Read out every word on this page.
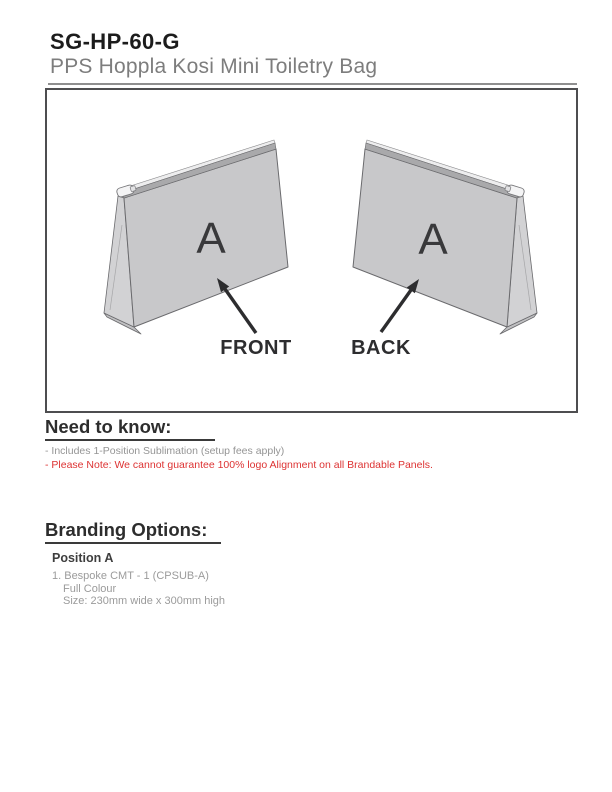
SG-HP-60-G
PPS Hoppla Kosi Mini Toiletry Bag
A	A
FRONT	BACK
Need to know:
- Includes 1-Position Sublimation (setup fees apply)
- Please Note: We cannot guarantee 100% logo Alignment on all Brandable Panels.
Branding Options:
Position A
1. Bespoke CMT - 1 (CPSUB-A)
Full Colour
Size: 230mm wide x 300mm high
